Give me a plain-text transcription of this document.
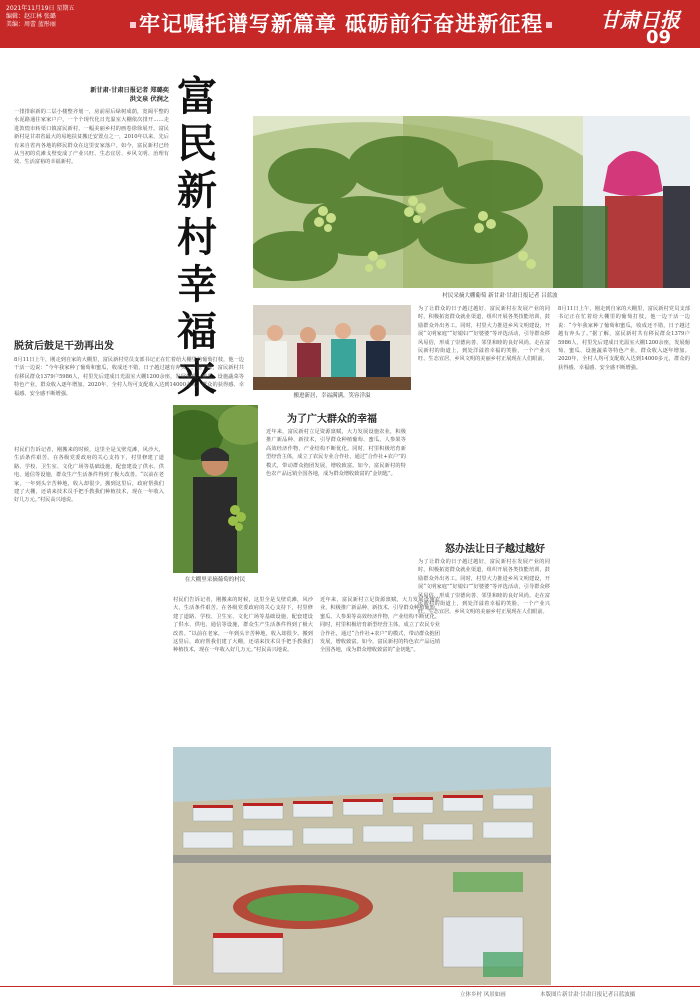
2021年11月19日 星期五
编辑：赵江林 张璐
美编：周蕾 蓝彤丽	牢记嘱托谱写新篇章 砥砺前行奋进新征程	甘肃日报
09
新甘肃·甘肃日报记者 郑璐奕
洪文泉 伏润之
一排排崭新的二层小楼整齐划一，房前屋后绿树成荫，宽阔平整的水泥路通往家家户户，一个个现代化日光温室大棚依次排开……走进敦煌市转渠口镇富民新村，一幅美丽乡村的画卷徐徐展开。富民新村是甘肃省最大的易地扶贫搬迁安置点之一，2010年以来，先后有来自省内各地的移民群众在这里安家落户。如今，富民新村已经从当初的荒滩戈壁变成了产业兴旺、生态宜居、乡风文明、治理有效、生活富裕的幸福新村。
富
民
新
村
幸
福
来
村民采摘大棚葡萄 新甘肃·甘肃日报记者 吕蓝波
脱贫后鼓足干劲再出发
8月11日上午，刚走到自家的大棚里，富民新村党员支部书记正在忙着给大棚里的葡萄打枝，他一边干活一边说：“今年我家种了葡萄和蜜瓜，收成还不错，日子越过越有奔头了。”据了解，富民新村共有移民群众1379户5986人，村里先后建成日光温室大棚1200余座，发展葡萄、蜜瓜、设施蔬菜等特色产业，群众收入逐年增加。2020年，全村人均可支配收入达到14000多元，群众的获得感、幸福感、安全感不断增强。	搬进新居，幸福满满，笑容洋溢
在大棚里采摘葡萄的村民
村民们告诉记者，刚搬来的时候，这里全是戈壁荒滩，风沙大，生活条件艰苦。在各级党委政府的关心支持下，村里修建了道路、学校、卫生室、文化广场等基础设施，配套建设了供水、供电、通信等设施，群众生产生活条件得到了极大改善。“以前在老家，一年到头辛苦种地，收入却很少。搬到这里后，政府帮我们建了大棚，还请来技术员手把手教我们种植技术，现在一年收入好几万元。”村民高兴地说。
为了广大群众的幸福
近年来，富民新村立足资源禀赋，大力发展设施农业，积极推广新品种、新技术，引导群众种植葡萄、蜜瓜、人参果等高效经济作物，产业结构不断优化。同时，村里积极培育新型经营主体，成立了农民专业合作社，通过“合作社+农户”的模式，带动群众抱团发展，增收致富。如今，富民新村的特色农产品远销全国各地，成为群众增收致富的“金钥匙”。
村民们告诉记者，刚搬来的时候，这里全是戈壁荒滩，风沙大，生活条件艰苦。在各级党委政府的关心支持下，村里修建了道路、学校、卫生室、文化广场等基础设施，配套建设了供水、供电、通信等设施，群众生产生活条件得到了极大改善。“以前在老家，一年到头辛苦种地，收入却很少。搬到这里后，政府帮我们建了大棚，还请来技术员手把手教我们种植技术，现在一年收入好几万元。”村民高兴地说。
近年来，富民新村立足资源禀赋，大力发展设施农业，积极推广新品种、新技术，引导群众种植葡萄、蜜瓜、人参果等高效经济作物，产业结构不断优化。同时，村里积极培育新型经营主体，成立了农民专业合作社，通过“合作社+农户”的模式，带动群众抱团发展，增收致富。如今，富民新村的特色农产品远销全国各地，成为群众增收致富的“金钥匙”。
为了让群众的日子越过越好，富民新村在发展产业的同时，积极拓宽群众就业渠道，组织开展各类技能培训，鼓励群众外出务工。同时，村里大力推进乡风文明建设，开展“文明家庭”“好媳妇”“好婆婆”等评选活动，引导群众移风易俗，形成了崇德向善、邻里和睦的良好风尚。走在富民新村的街道上，到处洋溢着幸福的笑脸，一个产业兴旺、生态宜居、乡风文明的美丽乡村正展现在人们眼前。
8月11日上午，刚走到自家的大棚里，富民新村党员支部书记正在忙着给大棚里的葡萄打枝，他一边干活一边说：“今年我家种了葡萄和蜜瓜，收成还不错，日子越过越有奔头了。”据了解，富民新村共有移民群众1379户5986人，村里先后建成日光温室大棚1200余座，发展葡萄、蜜瓜、设施蔬菜等特色产业，群众收入逐年增加。2020年，全村人均可支配收入达到14000多元，群众的获得感、幸福感、安全感不断增强。
怒办法让日子越过越好
为了让群众的日子越过越好，富民新村在发展产业的同时，积极拓宽群众就业渠道，组织开展各类技能培训，鼓励群众外出务工。同时，村里大力推进乡风文明建设，开展“文明家庭”“好媳妇”“好婆婆”等评选活动，引导群众移风易俗，形成了崇德向善、邻里和睦的良好风尚。走在富民新村的街道上，到处洋溢着幸福的笑脸，一个产业兴旺、生态宜居、乡风文明的美丽乡村正展现在人们眼前。
立体乡村 风景如画	本版图片新甘肃·甘肃日报记者吕蓝波摄
